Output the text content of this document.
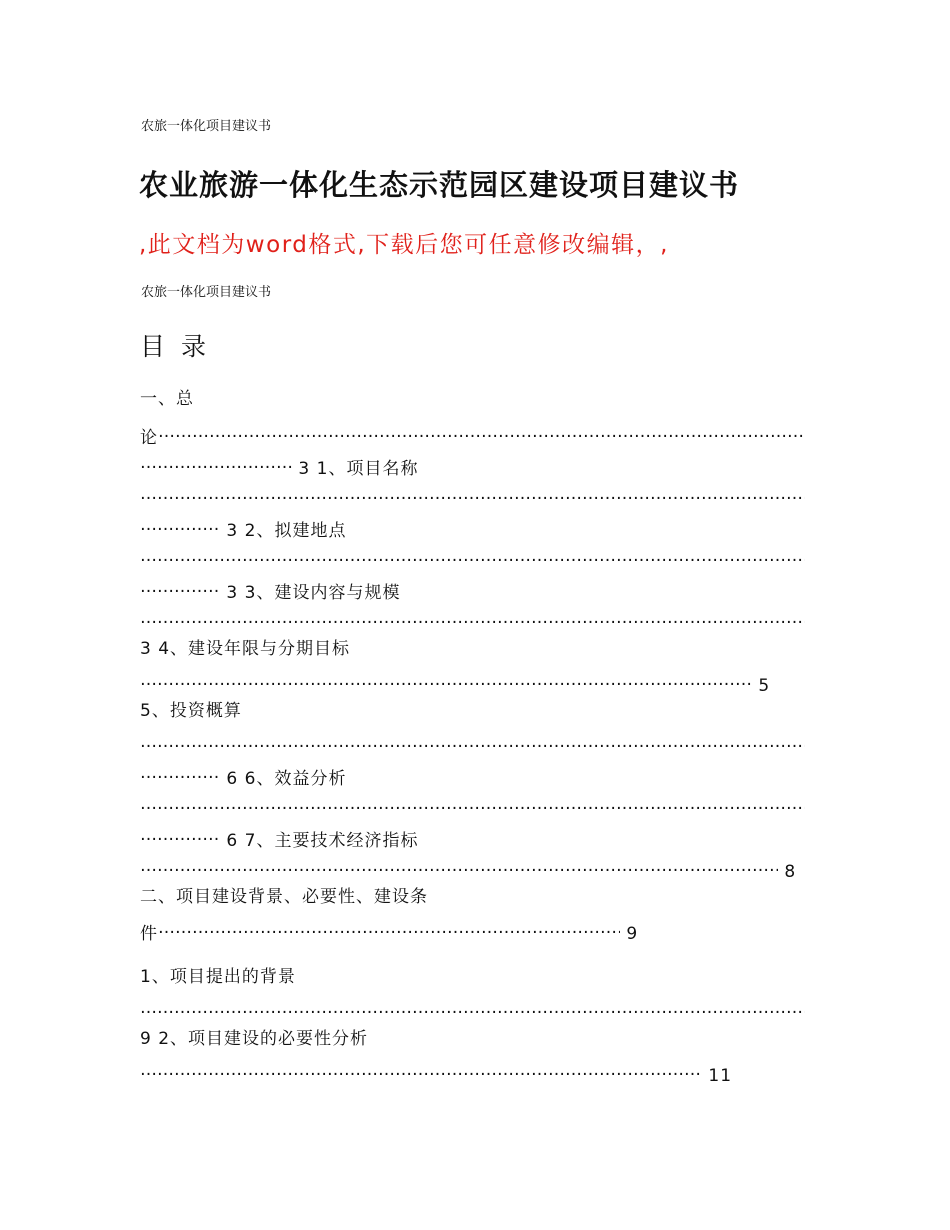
农旅一体化项目建议书
农业旅游一体化生态示范园区建设项目建议书
,此文档为word格式,下载后您可任意修改编辑，,
农旅一体化项目建议书
目 录
一、总
论……………………………………………………………………………………………………………………………………………………………………
…………………………………………………………………………………………………………………………………………………………………… 3 1、项目名称
……………………………………………………………………………………………………………………………………………………………………
…………………………………………………………………………………………………………………………………………………………………… 3 2、拟建地点
……………………………………………………………………………………………………………………………………………………………………
…………………………………………………………………………………………………………………………………………………………………… 3 3、建设内容与规模
……………………………………………………………………………………………………………………………………………………………………
3 4、建设年限与分期目标
…………………………………………………………………………………………………………………………………………………………………… 5
5、投资概算
……………………………………………………………………………………………………………………………………………………………………
…………………………………………………………………………………………………………………………………………………………………… 6 6、效益分析
……………………………………………………………………………………………………………………………………………………………………
…………………………………………………………………………………………………………………………………………………………………… 6 7、主要技术经济指标
…………………………………………………………………………………………………………………………………………………………………… 8
二、项目建设背景、必要性、建设条
件 ……………………………………………………………………………………………………………………………………………………………………	9
1、项目提出的背景
……………………………………………………………………………………………………………………………………………………………………
9 2、项目建设的必要性分析
…………………………………………………………………………………………………………………………………………………………………… 11
